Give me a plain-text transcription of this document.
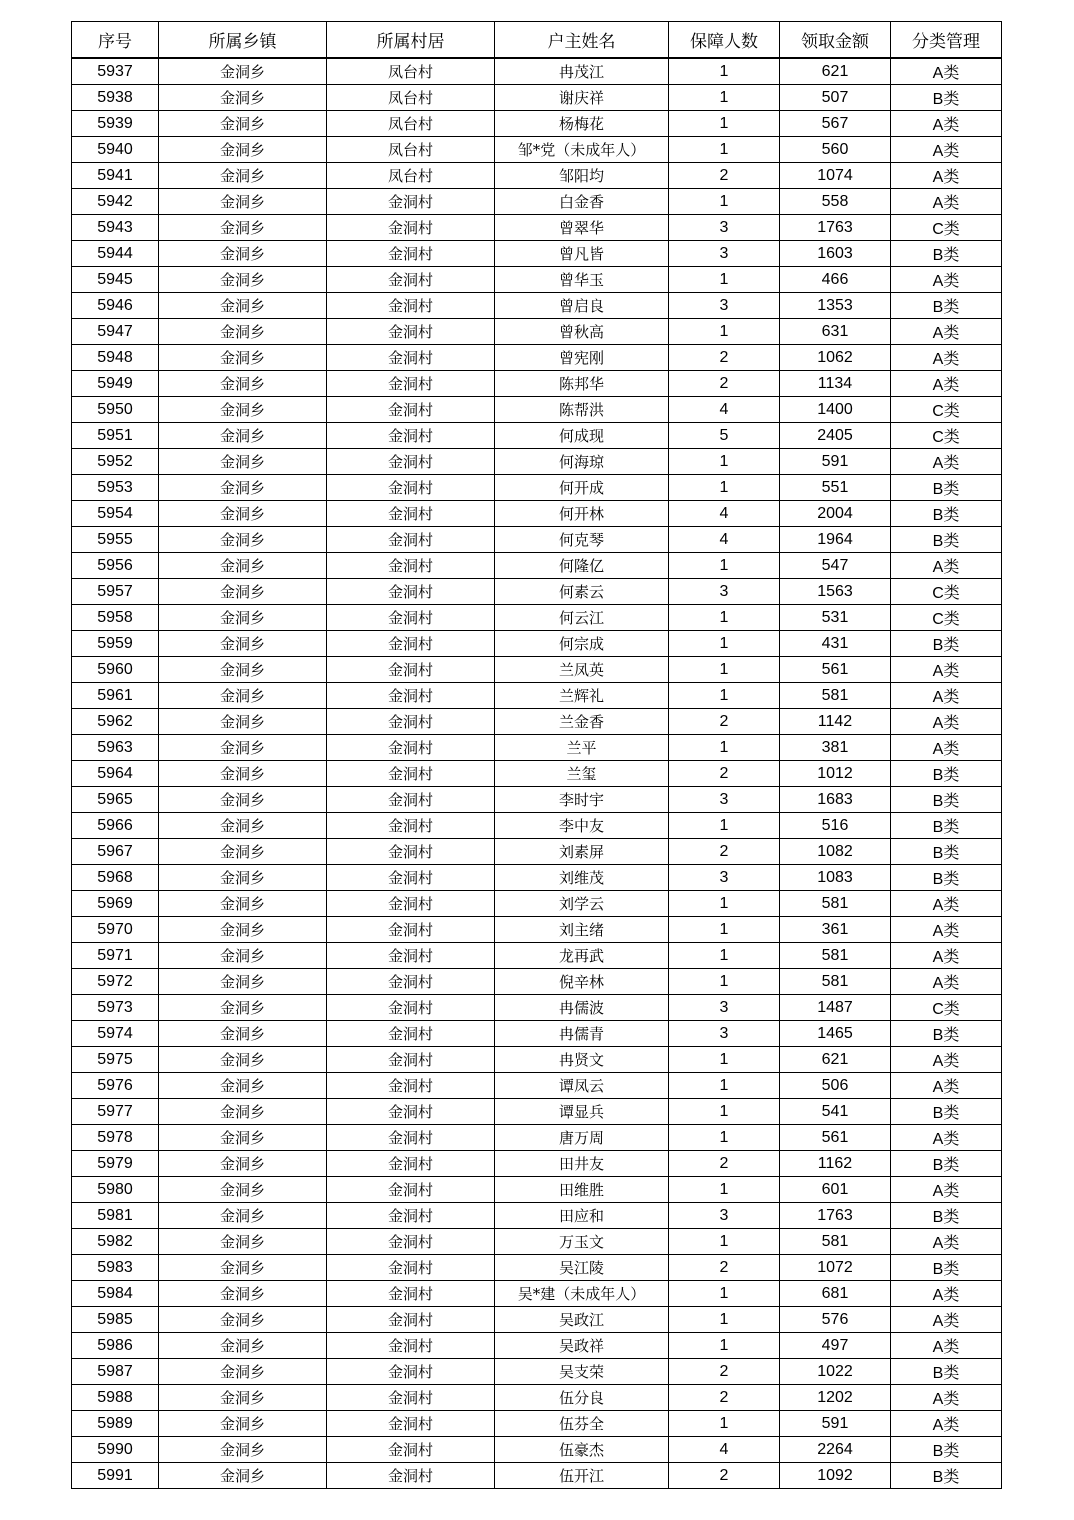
序号	所属乡镇	所属村居	户主姓名	保障人数	领取金额	分类管理
5937	金洞乡	凤台村	冉茂江	1	621	A类
5938	金洞乡	凤台村	谢庆祥	1	507	B类
5939	金洞乡	凤台村	杨梅花	1	567	A类
5940	金洞乡	凤台村	邹*党（未成年人）	1	560	A类
5941	金洞乡	凤台村	邹阳均	2	1074	A类
5942	金洞乡	金洞村	白金香	1	558	A类
5943	金洞乡	金洞村	曾翠华	3	1763	C类
5944	金洞乡	金洞村	曾凡皆	3	1603	B类
5945	金洞乡	金洞村	曾华玉	1	466	A类
5946	金洞乡	金洞村	曾启良	3	1353	B类
5947	金洞乡	金洞村	曾秋高	1	631	A类
5948	金洞乡	金洞村	曾宪刚	2	1062	A类
5949	金洞乡	金洞村	陈邦华	2	1134	A类
5950	金洞乡	金洞村	陈帮洪	4	1400	C类
5951	金洞乡	金洞村	何成现	5	2405	C类
5952	金洞乡	金洞村	何海琼	1	591	A类
5953	金洞乡	金洞村	何开成	1	551	B类
5954	金洞乡	金洞村	何开林	4	2004	B类
5955	金洞乡	金洞村	何克琴	4	1964	B类
5956	金洞乡	金洞村	何隆亿	1	547	A类
5957	金洞乡	金洞村	何素云	3	1563	C类
5958	金洞乡	金洞村	何云江	1	531	C类
5959	金洞乡	金洞村	何宗成	1	431	B类
5960	金洞乡	金洞村	兰凤英	1	561	A类
5961	金洞乡	金洞村	兰辉礼	1	581	A类
5962	金洞乡	金洞村	兰金香	2	1142	A类
5963	金洞乡	金洞村	兰平	1	381	A类
5964	金洞乡	金洞村	兰玺	2	1012	B类
5965	金洞乡	金洞村	李时宇	3	1683	B类
5966	金洞乡	金洞村	李中友	1	516	B类
5967	金洞乡	金洞村	刘素屏	2	1082	B类
5968	金洞乡	金洞村	刘维茂	3	1083	B类
5969	金洞乡	金洞村	刘学云	1	581	A类
5970	金洞乡	金洞村	刘主绪	1	361	A类
5971	金洞乡	金洞村	龙再武	1	581	A类
5972	金洞乡	金洞村	倪辛林	1	581	A类
5973	金洞乡	金洞村	冉儒波	3	1487	C类
5974	金洞乡	金洞村	冉儒青	3	1465	B类
5975	金洞乡	金洞村	冉贤文	1	621	A类
5976	金洞乡	金洞村	谭凤云	1	506	A类
5977	金洞乡	金洞村	谭显兵	1	541	B类
5978	金洞乡	金洞村	唐万周	1	561	A类
5979	金洞乡	金洞村	田井友	2	1162	B类
5980	金洞乡	金洞村	田维胜	1	601	A类
5981	金洞乡	金洞村	田应和	3	1763	B类
5982	金洞乡	金洞村	万玉文	1	581	A类
5983	金洞乡	金洞村	吴江陵	2	1072	B类
5984	金洞乡	金洞村	吴*建（未成年人）	1	681	A类
5985	金洞乡	金洞村	吴政江	1	576	A类
5986	金洞乡	金洞村	吴政祥	1	497	A类
5987	金洞乡	金洞村	吴支荣	2	1022	B类
5988	金洞乡	金洞村	伍分良	2	1202	A类
5989	金洞乡	金洞村	伍芬全	1	591	A类
5990	金洞乡	金洞村	伍豪杰	4	2264	B类
5991	金洞乡	金洞村	伍开江	2	1092	B类
